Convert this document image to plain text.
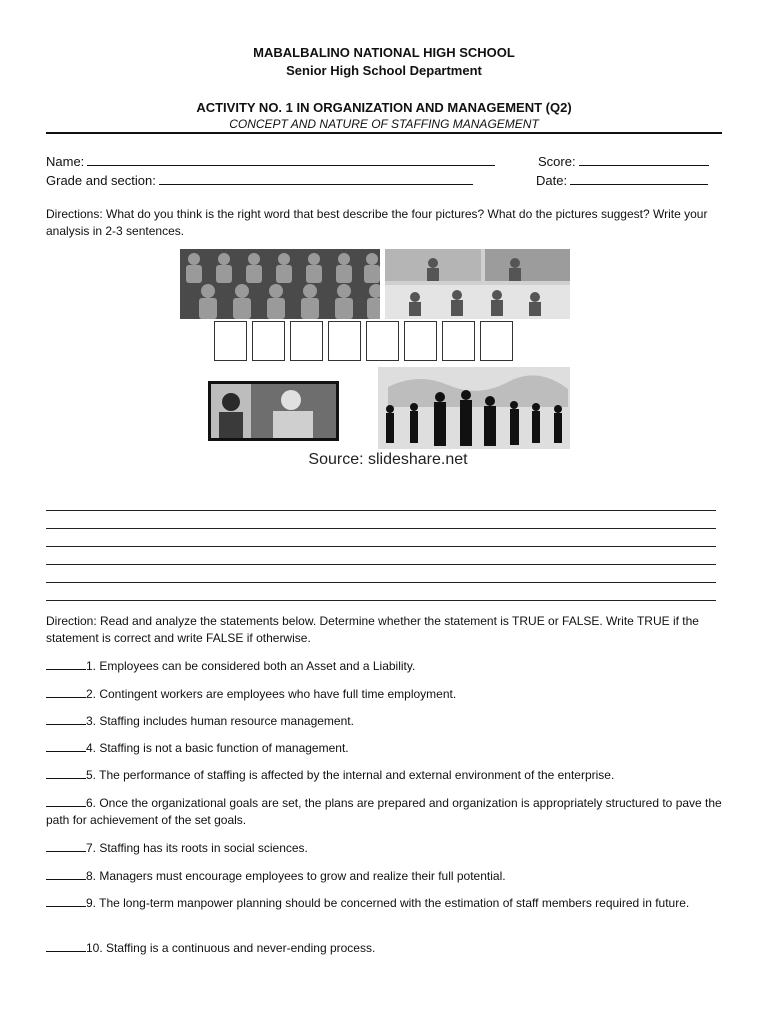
MABALBALINO NATIONAL HIGH SCHOOL
Senior High School Department
ACTIVITY NO. 1 IN ORGANIZATION AND MANAGEMENT (Q2)
CONCEPT AND NATURE OF STAFFING MANAGEMENT
Name:	Score:
Grade and section:	Date:
Directions: What do you think is the right word that best describe the four pictures? What do the pictures suggest? Write your analysis in 2-3 sentences.
Source: slideshare.net
Direction: Read and analyze the statements below. Determine whether the statement is TRUE or FALSE. Write TRUE if the statement is correct and write FALSE if otherwise.
1. Employees can be considered both an Asset and a Liability.
2. Contingent workers are employees who have full time employment.
3. Staffing includes human resource management.
4. Staffing is not a basic function of management.
5. The performance of staffing is affected by the internal and external environment of the enterprise.
6. Once the organizational goals are set, the plans are prepared and organization is appropriately structured to pave the path for achievement of the set goals.
7. Staffing has its roots in social sciences.
8. Managers must encourage employees to grow and realize their full potential.
9. The long-term manpower planning should be concerned with the estimation of staff members required in future.
10. Staffing is a continuous and never-ending process.
